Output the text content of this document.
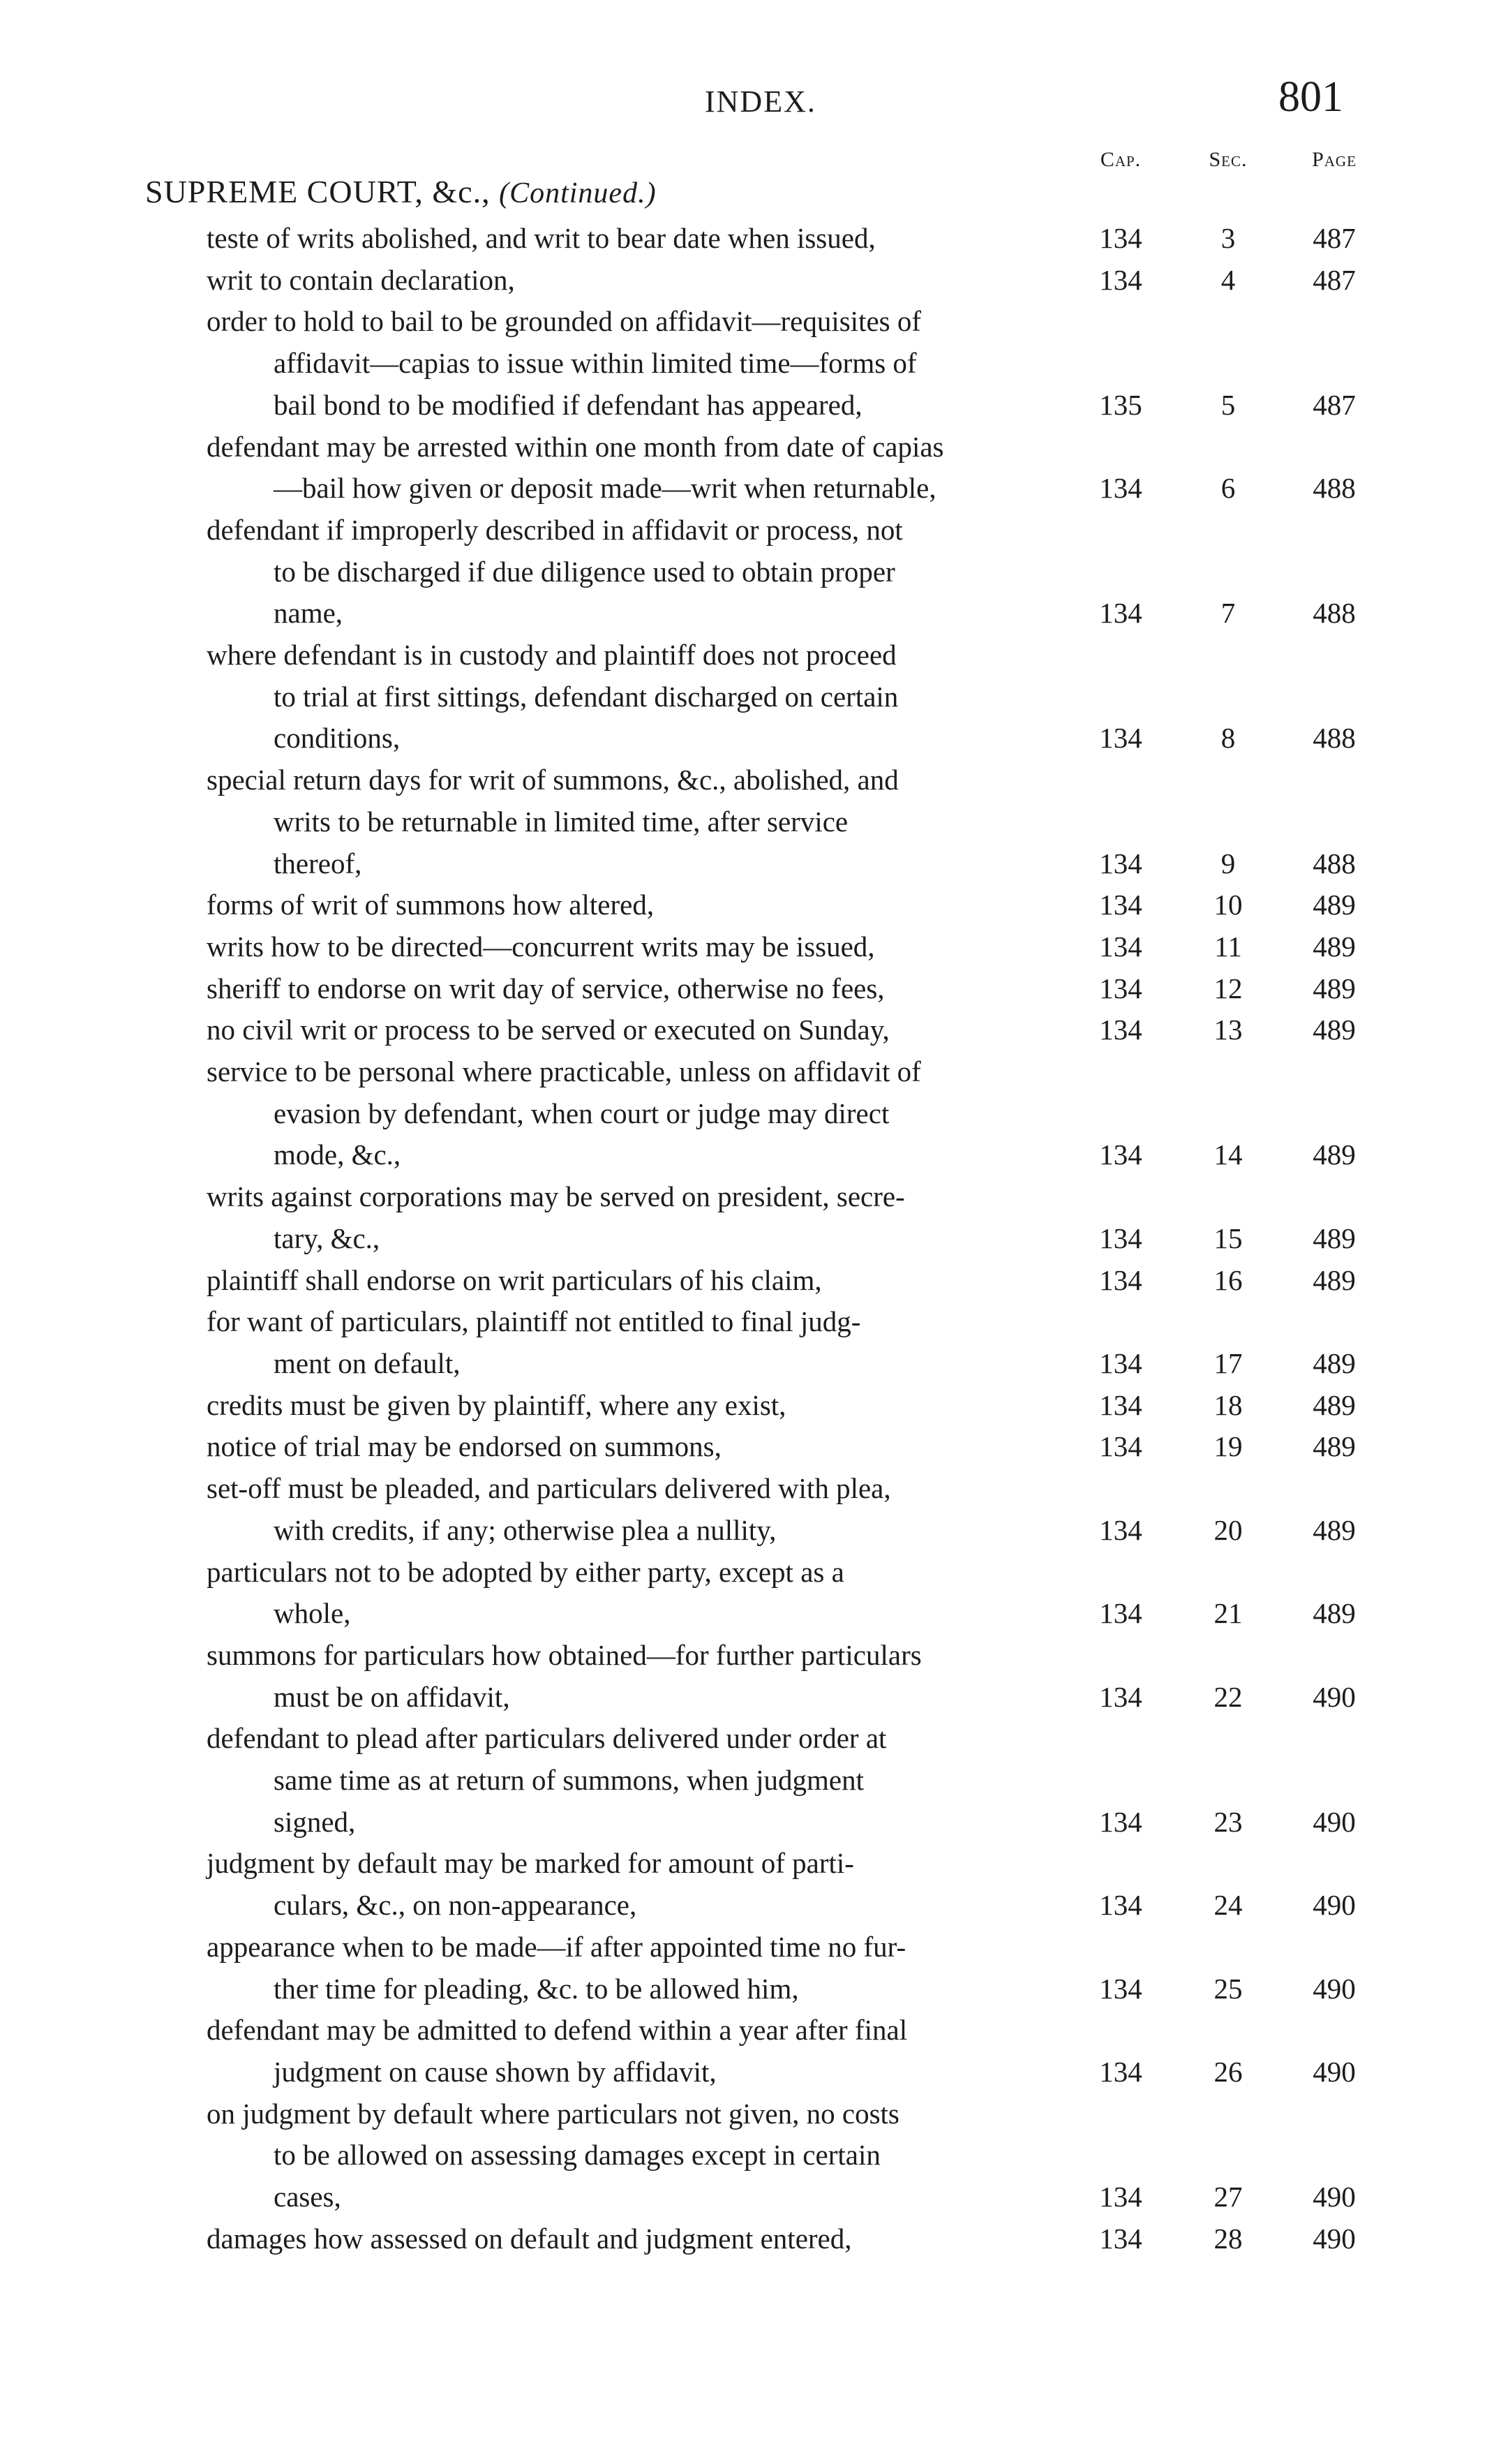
INDEX.	801
Cap.	Sec.	Page
SUPREME COURT, &c., (Continued.)
teste of writs abolished, and writ to bear date when issued,	134	3	487
writ to contain declaration,	134	4	487
order to hold to bail to be grounded on affidavit—requisites of
affidavit—capias to issue within limited time—forms of
bail bond to be modified if defendant has appeared,	135	5	487
defendant may be arrested within one month from date of capias
—bail how given or deposit made—writ when returnable,	134	6	488
defendant if improperly described in affidavit or process, not
to be discharged if due diligence used to obtain proper
name,	134	7	488
where defendant is in custody and plaintiff does not proceed
to trial at first sittings, defendant discharged on certain
conditions,	134	8	488
special return days for writ of summons, &c., abolished, and
writs to be returnable in limited time, after service
thereof,	134	9	488
forms of writ of summons how altered,	134	10	489
writs how to be directed—concurrent writs may be issued,	134	11	489
sheriff to endorse on writ day of service, otherwise no fees,	134	12	489
no civil writ or process to be served or executed on Sunday,	134	13	489
service to be personal where practicable, unless on affidavit of
evasion by defendant, when court or judge may direct
mode, &c.,	134	14	489
writs against corporations may be served on president, secre-
tary, &c.,	134	15	489
plaintiff shall endorse on writ particulars of his claim,	134	16	489
for want of particulars, plaintiff not entitled to final judg-
ment on default,	134	17	489
credits must be given by plaintiff, where any exist,	134	18	489
notice of trial may be endorsed on summons,	134	19	489
set-off must be pleaded, and particulars delivered with plea,
with credits, if any; otherwise plea a nullity,	134	20	489
particulars not to be adopted by either party, except as a
whole,	134	21	489
summons for particulars how obtained—for further particulars
must be on affidavit,	134	22	490
defendant to plead after particulars delivered under order at
same time as at return of summons, when judgment
signed,	134	23	490
judgment by default may be marked for amount of parti-
culars, &c., on non-appearance,	134	24	490
appearance when to be made—if after appointed time no fur-
ther time for pleading, &c. to be allowed him,	134	25	490
defendant may be admitted to defend within a year after final
judgment on cause shown by affidavit,	134	26	490
on judgment by default where particulars not given, no costs
to be allowed on assessing damages except in certain
cases,	134	27	490
damages how assessed on default and judgment entered,	134	28	490
